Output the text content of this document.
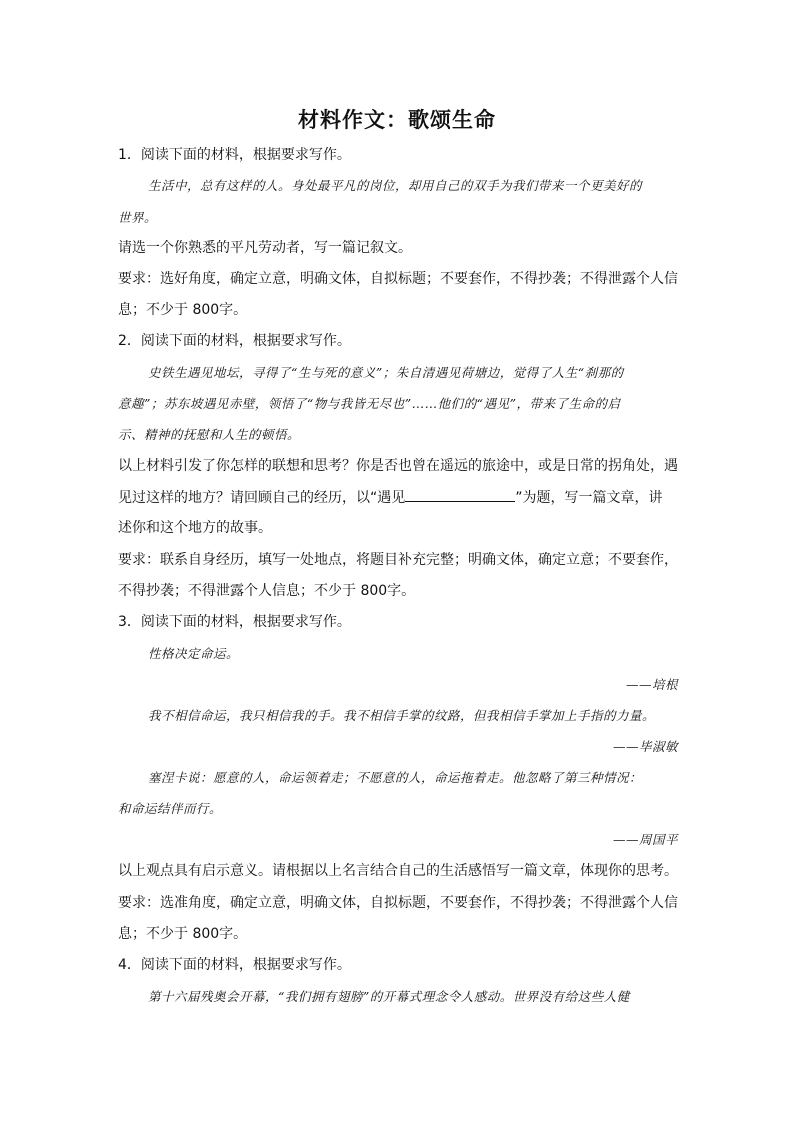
材料作文：歌颂生命
1．阅读下面的材料，根据要求写作。
生活中，总有这样的人。身处最平凡的岗位，却用自己的双手为我们带来一个更美好的
世界。
请选一个你熟悉的平凡劳动者，写一篇记叙文。
要求：选好角度，确定立意，明确文体，自拟标题；不要套作，不得抄袭；不得泄露个人信
息；不少于 800字。
2．阅读下面的材料，根据要求写作。
史铁生遇见地坛，寻得了“生与死的意义”；朱自清遇见荷塘边，觉得了人生“刹那的
意趣”；苏东坡遇见赤壁，领悟了“物与我皆无尽也”……他们的“遇见”，带来了生命的启
示、精神的抚慰和人生的顿悟。
以上材料引发了你怎样的联想和思考？你是否也曾在遥远的旅途中，或是日常的拐角处，遇
见过这样的地方？请回顾自己的经历，以“遇见	”为题，写一篇文章，讲
述你和这个地方的故事。
要求：联系自身经历，填写一处地点，将题目补充完整；明确文体，确定立意；不要套作，
不得抄袭；不得泄露个人信息；不少于 800字。
3．阅读下面的材料，根据要求写作。
性格决定命运。
——培根
我不相信命运，我只相信我的手。我不相信手掌的纹路，但我相信手掌加上手指的力量。
——毕淑敏
塞涅卡说：愿意的人，命运领着走；不愿意的人，命运拖着走。他忽略了第三种情况：
和命运结伴而行。
——周国平
以上观点具有启示意义。请根据以上名言结合自己的生活感悟写一篇文章，体现你的思考。
要求：选准角度，确定立意，明确文体，自拟标题，不要套作，不得抄袭；不得泄露个人信
息；不少于 800字。
4．阅读下面的材料，根据要求写作。
第十六届残奥会开幕，“我们拥有翅膀”的开幕式理念令人感动。世界没有给这些人健
